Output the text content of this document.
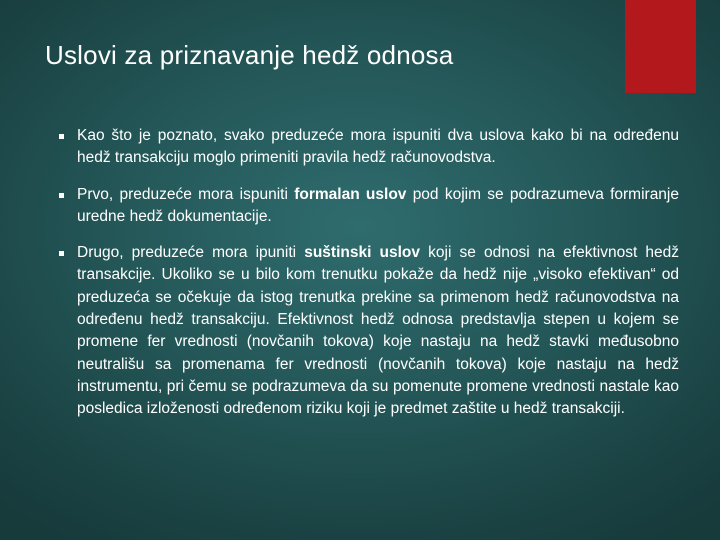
Uslovi za priznavanje hedž odnosa
Kao što je poznato, svako preduzeće mora ispuniti dva uslova kako bi na određenu hedž transakciju moglo primeniti pravila hedž računovodstva.
Prvo, preduzeće mora ispuniti formalan uslov pod kojim se podrazumeva formiranje uredne hedž dokumentacije.
Drugo, preduzeće mora ipuniti suštinski uslov koji se odnosi na efektivnost hedž transakcije. Ukoliko se u bilo kom trenutku pokaže da hedž nije „visoko efektivan“ od preduzeća se očekuje da istog trenutka prekine sa primenom hedž računovodstva na određenu hedž transakciju. Efektivnost hedž odnosa predstavlja stepen u kojem se promene fer vrednosti (novčanih tokova) koje nastaju na hedž stavki međusobno neutrališu sa promenama fer vrednosti (novčanih tokova) koje nastaju na hedž instrumentu, pri čemu se podrazumeva da su pomenute promene vrednosti nastale kao posledica izloženosti određenom riziku koji je predmet zaštite u hedž transakciji.
